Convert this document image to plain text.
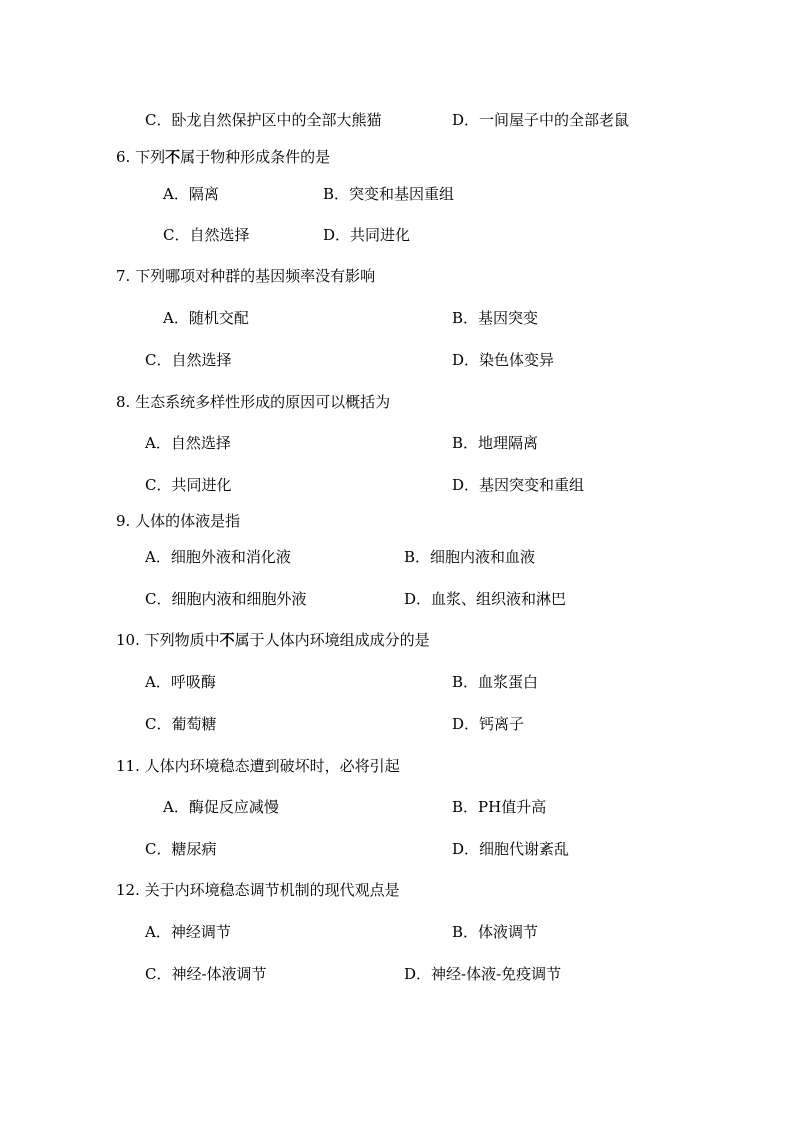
C．卧龙自然保护区中的全部大熊猫	D．一间屋子中的全部老鼠
6. 下列不属于物种形成条件的是
A．隔离	B．突变和基因重组
C．自然选择	D．共同进化
7. 下列哪项对种群的基因频率没有影响
A．随机交配	B．基因突变
C．自然选择	D．染色体变异
8. 生态系统多样性形成的原因可以概括为
A．自然选择	B．地理隔离
C．共同进化	D．基因突变和重组
9. 人体的体液是指
A．细胞外液和消化液	B．细胞内液和血液
C．细胞内液和细胞外液	D．血浆、组织液和淋巴
10. 下列物质中不属于人体内环境组成成分的是
A．呼吸酶	B．血浆蛋白
C．葡萄糖	D．钙离子
11. 人体内环境稳态遭到破坏时，必将引起
A．酶促反应减慢	B．PH值升高
C．糖尿病	D．细胞代谢紊乱
12. 关于内环境稳态调节机制的现代观点是
A．神经调节	B．体液调节
C．神经-体液调节	D．神经-体液-免疫调节
